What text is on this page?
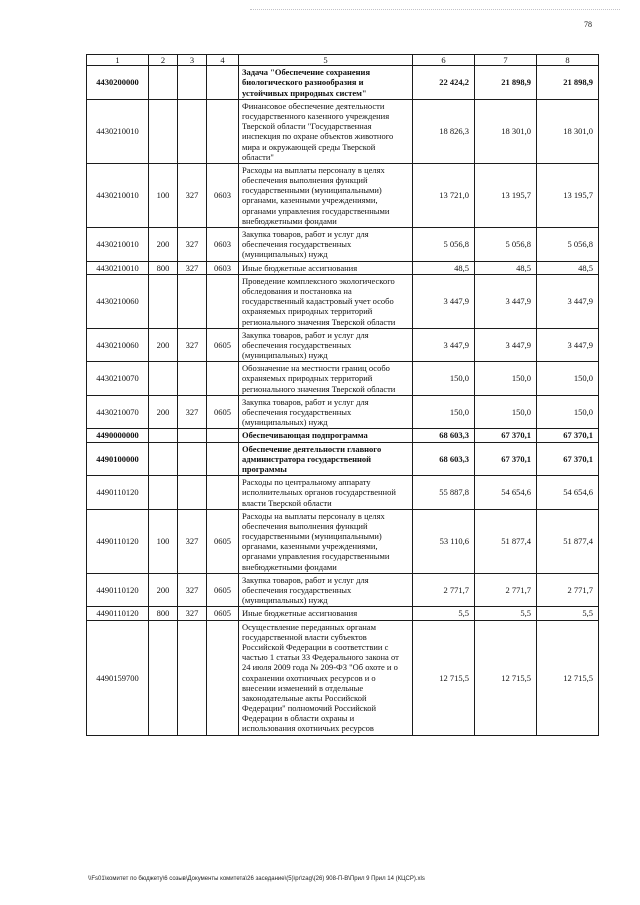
78
1	2	3	4	5	6	7	8
4430200000				Задача "Обеспечение сохранения биологического разнообразия и устойчивых природных систем"	22 424,2	21 898,9	21 898,9
4430210010				Финансовое обеспечение деятельности государственного казенного учреждения Тверской области "Государственная инспекция по охране объектов животного мира и окружающей среды Тверской области"	18 826,3	18 301,0	18 301,0
4430210010	100	327	0603	Расходы на выплаты персоналу в целях обеспечения выполнения функций государственными (муниципальными) органами, казенными учреждениями, органами управления государственными внебюджетными фондами	13 721,0	13 195,7	13 195,7
4430210010	200	327	0603	Закупка товаров, работ и услуг для обеспечения государственных (муниципальных) нужд	5 056,8	5 056,8	5 056,8
4430210010	800	327	0603	Иные бюджетные ассигнования	48,5	48,5	48,5
4430210060				Проведение комплексного экологического обследования и постановка на государственный кадастровый учет особо охраняемых природных территорий регионального значения Тверской области	3 447,9	3 447,9	3 447,9
4430210060	200	327	0605	Закупка товаров, работ и услуг для обеспечения государственных (муниципальных) нужд	3 447,9	3 447,9	3 447,9
4430210070				Обозначение на местности границ особо охраняемых природных территорий регионального значения Тверской области	150,0	150,0	150,0
4430210070	200	327	0605	Закупка товаров, работ и услуг для обеспечения государственных (муниципальных) нужд	150,0	150,0	150,0
4490000000				Обеспечивающая подпрограмма	68 603,3	67 370,1	67 370,1
4490100000				Обеспечение деятельности главного администратора государственной программы	68 603,3	67 370,1	67 370,1
4490110120				Расходы по центральному аппарату исполнительных органов государственной власти Тверской области	55 887,8	54 654,6	54 654,6
4490110120	100	327	0605	Расходы на выплаты персоналу в целях обеспечения выполнения функций государственными (муниципальными) органами, казенными учреждениями, органами управления государственными внебюджетными фондами	53 110,6	51 877,4	51 877,4
4490110120	200	327	0605	Закупка товаров, работ и услуг для обеспечения государственных (муниципальных) нужд	2 771,7	2 771,7	2 771,7
4490110120	800	327	0605	Иные бюджетные ассигнования	5,5	5,5	5,5
4490159700				Осуществление переданных органам государственной власти субъектов Российской Федерации в соответствии с частью 1 статьи 33 Федерального закона от 24 июля 2009 года № 209-ФЗ "Об охоте и о сохранении охотничьих ресурсов и о внесении изменений в отдельные законодательные акты Российской Федерации" полномочий Российской Федерации в области охраны и использования охотничьих ресурсов	12 715,5	12 715,5	12 715,5
\\Fs01\комитет по бюджету\6 созыв\Документы комитета\26 заседание\(5)\pr\zag\(26) 908-П-В\Прил 9 Прил 14 (КЦСР).xls
